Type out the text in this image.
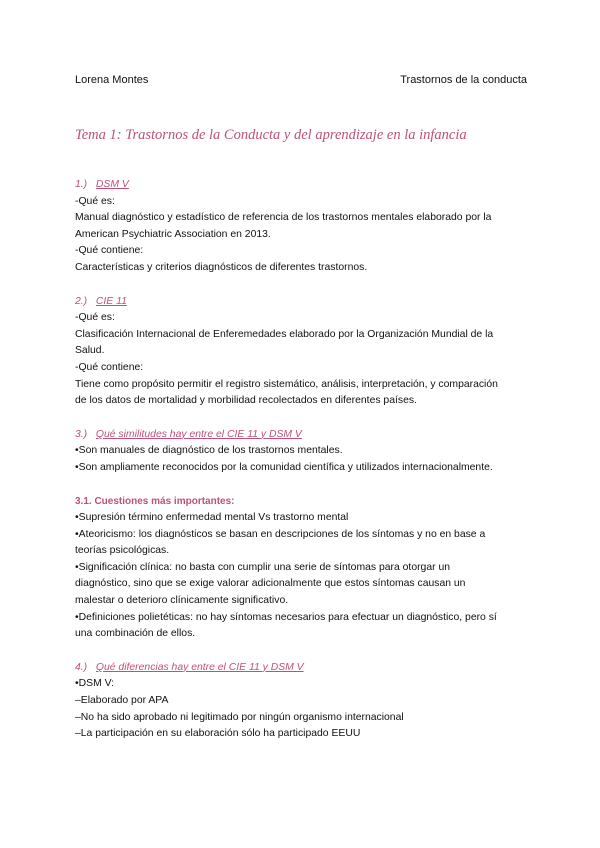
Lorena Montes	Trastornos de la conducta
Tema 1: Trastornos de la Conducta y del aprendizaje en la infancia

1.) DSM V

-Qué es:

Manual diagnóstico y estadístico de referencia de los trastornos mentales elaborado por la

American Psychiatric Association en 2013.

-Qué contiene:

Características y criterios diagnósticos de diferentes trastornos.

2.) CIE 11

-Qué es:

Clasificación Internacional de Enferemedades elaborado por la Organización Mundial de la

Salud.

-Qué contiene:

Tiene como propósito permitir el registro sistemático, análisis, interpretación, y comparación

de los datos de mortalidad y morbilidad recolectados en diferentes países.

3.) Qué similitudes hay entre el CIE 11 y DSM V

•Son manuales de diagnóstico de los trastornos mentales.

•Son ampliamente reconocidos por la comunidad científica y utilizados internacionalmente.

3.1. Cuestiones más importantes:

•Supresión término enfermedad mental Vs trastorno mental

•Ateoricismo: los diagnósticos se basan en descripciones de los síntomas y no en base a

teorías psicológicas.

•Significación clínica: no basta con cumplir una serie de síntomas para otorgar un

diagnóstico, sino que se exige valorar adicionalmente que estos síntomas causan un

malestar o deterioro clínicamente significativo.

•Definiciones polietéticas: no hay síntomas necesarios para efectuar un diagnóstico, pero sí

una combinación de ellos.

4.) Qué diferencias hay entre el CIE 11 y DSM V

•DSM V:

–Elaborado por APA

–No ha sido aprobado ni legitimado por ningún organismo internacional

–La participación en su elaboración sólo ha participado EEUU
